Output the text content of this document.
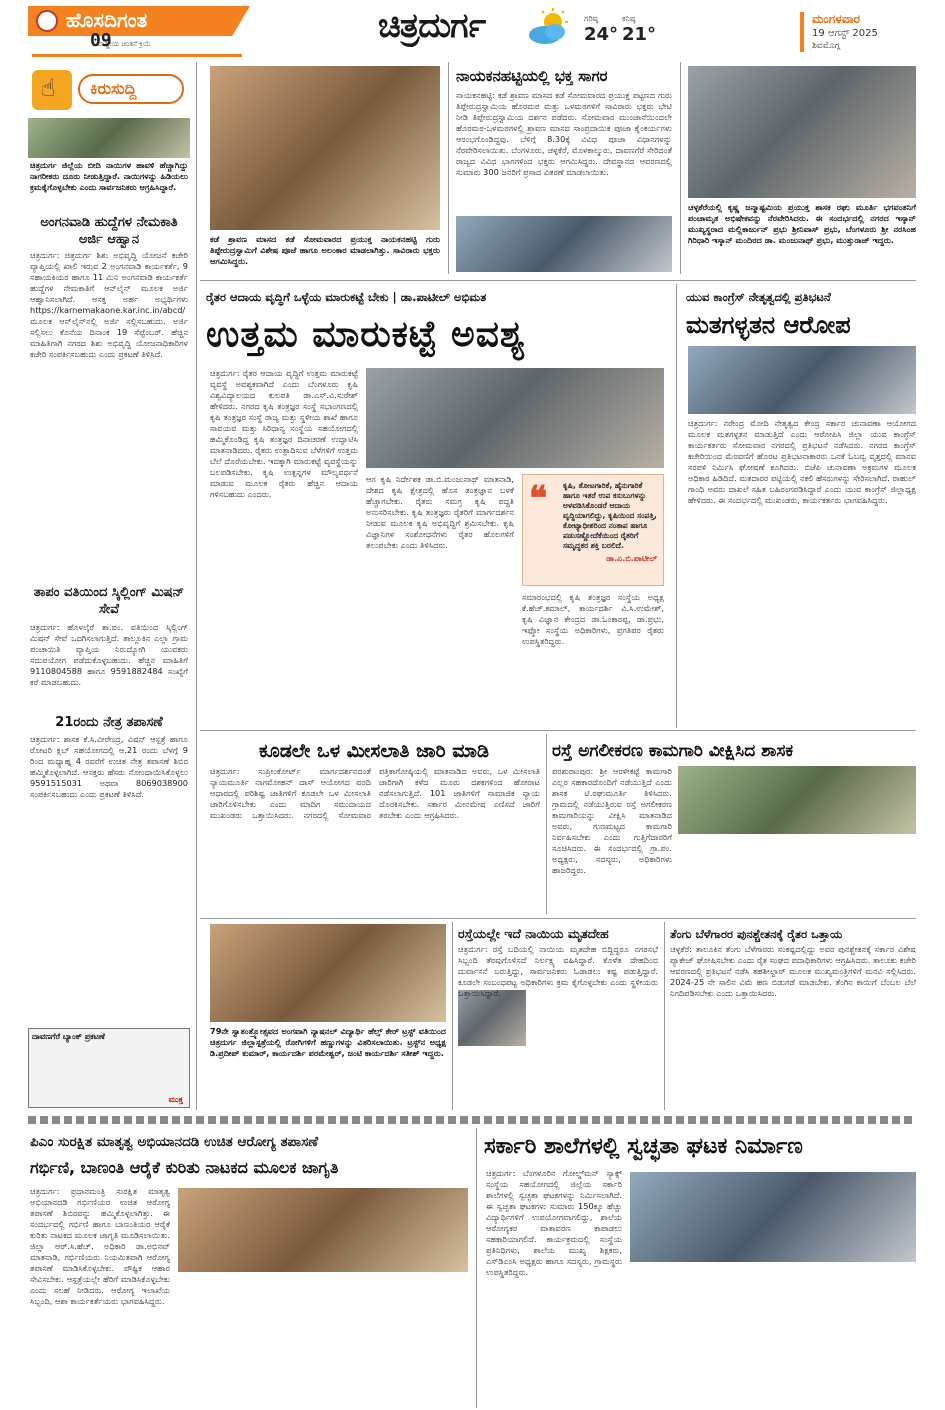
ಹೊಸದಿಗಂತ
ರಾಷ್ಟ್ರೀಯ ಚಿಂತನೆ ಕ್ರಿಯೆ
09	ಚಿತ್ರದುರ್ಗ	ಗರಿಷ್ಠ
24°
ಕನಿಷ್ಠ
21°
ಮಂಗಳವಾರ
19 ಆಗಸ್ಟ್ 2025
ಶಿವಮೊಗ್ಗ
☝
ಕಿರುಸುದ್ದಿ
ಚಿತ್ರದುರ್ಗ ಜಿಲ್ಲೆಯ ಬೀದಿ ನಾಯಿಗಳ ಹಾವಳಿ ಹೆಚ್ಚಾಗಿದ್ದು ನಾಗರೀಕರು ದೂರು ನೀಡುತ್ತಿದ್ದಾರೆ. ನಾಯಿಗಳನ್ನು ಹಿಡಿಯಲು ಕ್ರಮಕೈಗೊಳ್ಳಬೇಕು ಎಂದು ಸಾರ್ವಜನಿಕರು ಆಗ್ರಹಿಸಿದ್ದಾರೆ.
ಅಂಗನವಾಡಿ ಹುದ್ದೆಗಳ ನೇಮಕಾತಿ ಅರ್ಜಿ ಆಹ್ವಾನ
ಚಿತ್ರದುರ್ಗ: ಚಿತ್ರದುರ್ಗ ಶಿಶು ಅಭಿವೃದ್ಧಿ ಯೋಜನೆ ಕಚೇರಿ ವ್ಯಾಪ್ತಿಯಲ್ಲಿ ಖಾಲಿ ಇರುವ 2 ಅಂಗನವಾಡಿ ಕಾರ್ಯಕರ್ತೆ, 9 ಸಹಾಯಕಿಯರ ಹಾಗೂ 11 ಮಿನಿ ಅಂಗನವಾಡಿ ಕಾರ್ಯಕರ್ತೆ ಹುದ್ದೆಗಳ ನೇಮಕಾತಿಗೆ ಆನ್‌ಲೈನ್ ಮೂಲಕ ಅರ್ಜಿ ಆಹ್ವಾನಿಸಲಾಗಿದೆ. ಆಸಕ್ತ ಅರ್ಹ ಅಭ್ಯರ್ಥಿಗಳು https://karnemakaone.kar.inc.in/abcd/ ಮೂಲಕ ಆನ್‌ಲೈನ್‌ನಲ್ಲಿ ಅರ್ಜಿ ಸಲ್ಲಿಸಬಹುದು. ಅರ್ಜಿ ಸಲ್ಲಿಸಲು ಕೊನೆಯ ದಿನಾಂಕ 19 ಸೆಪ್ಟೆಂಬರ್. ಹೆಚ್ಚಿನ ಮಾಹಿತಿಗಾಗಿ ನಗರದ ಶಿಶು ಅಭಿವೃದ್ಧಿ ಯೋಜನಾಧಿಕಾರಿಗಳ ಕಚೇರಿ ಸಂಪರ್ಕಿಸಬಹುದು ಎಂದು ಪ್ರಕಟಣೆ ತಿಳಿಸಿದೆ.
ತಾಪಂ ವತಿಯಿಂದ ಸ್ಕಿಲ್ಲಿಂಗ್ ಮಿಷನ್ ಸೇವೆ
ಚಿತ್ರದುರ್ಗ: ಹೊಳಲ್ಕೆರೆ ತಾ.ಪಂ. ವತಿಯಿಂದ ಸ್ಕಿಲ್ಲಿಂಗ್ ಮಿಷನ್ ಸೇವೆ ಒದಗಿಸಲಾಗುತ್ತಿದೆ. ತಾಲ್ಲೂಕಿನ ಎಲ್ಲಾ ಗ್ರಾಮ ಪಂಚಾಯಿತಿ ವ್ಯಾಪ್ತಿಯ ನಿರುದ್ಯೋಗಿ ಯುವಕರು ಸದುಪಯೋಗ ಪಡೆದುಕೊಳ್ಳಬಹುದು. ಹೆಚ್ಚಿನ ಮಾಹಿತಿಗೆ 9110804588 ಹಾಗೂ 9591882484 ಸಂಖ್ಯೆಗೆ ಕರೆ ಮಾಡಬಹುದು.
21ರಂದು ನೇತ್ರ ತಪಾಸಣೆ
ಚಿತ್ರದುರ್ಗ: ಶಾಸಕ ಕೆ.ಸಿ.ವೀರೇಂದ್ರ, ವಿಷನ್ ಆಸ್ಪತ್ರೆ ಹಾಗೂ ರೋಟರಿ ಕ್ಲಬ್ ಸಹಯೋಗದಲ್ಲಿ ಆ.21 ರಂದು ಬೆಳಗ್ಗೆ 9 ರಿಂದ ಮಧ್ಯಾಹ್ನ 4 ರವರೆಗೆ ಉಚಿತ ನೇತ್ರ ತಪಾಸಣೆ ಶಿಬಿರ ಹಮ್ಮಿಕೊಳ್ಳಲಾಗಿದೆ. ಆಸಕ್ತರು ಹೆಸರು ನೋಂದಾಯಿಸಿಕೊಳ್ಳಲು 9591515031 ಅಥವಾ 8069038900 ಸಂಪರ್ಕಿಸಬಹುದು ಎಂದು ಪ್ರಕಟಣೆ ತಿಳಿಸಿದೆ.
ದಾವಣಗೆರೆ ಬ್ಯಾಂಕ್ ಪ್ರಕಟಣೆ
ಮುಕ್ತ
ಕಡೆ ಶ್ರಾವಣ ಮಾಸದ ಕಡೆ ಸೋಮವಾರದ ಪ್ರಯುಕ್ತ ನಾಯಕನಹಟ್ಟಿ ಗುರು ತಿಪ್ಪೇರುದ್ರಸ್ವಾಮಿಗೆ ವಿಶೇಷ ಪೂಜೆ ಹಾಗೂ ಅಲಂಕಾರ ಮಾಡಲಾಗಿತ್ತು. ಸಾವಿರಾರು ಭಕ್ತರು ಆಗಮಿಸಿದ್ದರು.
ನಾಯಕನಹಟ್ಟಿಯಲ್ಲಿ ಭಕ್ತ ಸಾಗರ
ನಾಯಕನಹಟ್ಟಿ: ಕಡೆ ಶ್ರಾವಣ ಮಾಸದ ಕಡೆ ಸೋಮವಾರದ ಪ್ರಯುಕ್ತ ಪಟ್ಟಣದ ಗುರು ತಿಪ್ಪೇರುದ್ರಸ್ವಾಮಿಯ ಹೊರಮಠ ಮತ್ತು ಒಳಮಠಗಳಿಗೆ ಸಾವಿರಾರು ಭಕ್ತರು ಭೇಟಿ ನೀಡಿ ತಿಪ್ಪೇರುದ್ರಸ್ವಾಮಿಯ ದರ್ಶನ ಪಡೆದರು. ಸೋಮವಾರ ಮುಂಜಾನೆಯಿಂದಲೇ ಹೊರಮಠ-ಒಳಮಠಗಳಲ್ಲಿ ಶ್ರಾವಣ ಮಾಸದ ಸಾಂಪ್ರದಾಯಿಕ ಪೂಜಾ ಕೈಂಕರ್ಯಗಳು ಆರಂಭಗೊಂಡಿದ್ದವು. ಬೆಳಿಗ್ಗೆ 8.30ಕ್ಕೆ ವಿವಿಧ ಪೂಜಾ ವಿಧಾನಗಳನ್ನು ನೆರವೇರಿಸಲಾಯಿತು. ಬೆಂಗಳೂರು, ಚಳ್ಳಕೆರೆ, ಮೊಳಕಾಲ್ಮುರು, ದಾವಣಗೆರೆ ಸೇರಿದಂತೆ ರಾಜ್ಯದ ವಿವಿಧ ಭಾಗಗಳಿಂದ ಭಕ್ತರು ಆಗಮಿಸಿದ್ದರು. ದೇವಸ್ಥಾನದ ಆವರಣದಲ್ಲಿ ಸುಮಾರು 300 ಜನರಿಗೆ ಪ್ರಸಾದ ವಿತರಣೆ ಮಾಡಲಾಯಿತು.
ಚಳ್ಳಕೆರೆಯಲ್ಲಿ ಕೃಷ್ಣ ಜನ್ಮಾಷ್ಟಮಿಯ ಪ್ರಯುಕ್ತ ಶಾಸಕ ರಘು ಮೂರ್ತಿ ಭಗವಂತನಿಗೆ ಪಂಚಾಮೃತ ಅಭಿಷೇಕವನ್ನು ನೆರವೇರಿಸಿದರು. ಈ ಸಂದರ್ಭದಲ್ಲಿ ನಗರದ ಇಸ್ಕಾನ್ ಮುಖ್ಯಸ್ಥರಾದ ಮಲ್ಲಿಕಾರ್ಜುನ್ ಪ್ರಭು ಶ್ರೀನಿವಾಸ್ ಪ್ರಭು, ಬೆಂಗಳೂರು ಶ್ರೀ ನರಸಿಂಹ ಗಿರಿಧಾರಿ ಇಸ್ಕಾನ್ ಮಂದಿರದ ಡಾ. ಮಂಜುನಾಥ್ ಪ್ರಭು, ಮುತ್ತುರಾಜ್ ಇದ್ದರು.
ರೈತರ ಆದಾಯ ವೃದ್ಧಿಗೆ ಒಳ್ಳೆಯ ಮಾರುಕಟ್ಟೆ ಬೇಕು | ಡಾ.ಪಾಟೀಲ್ ಅಭಿಮತ
ಉತ್ತಮ ಮಾರುಕಟ್ಟೆ ಅವಶ್ಯ
ಚಿತ್ರದುರ್ಗ: ರೈತರ ಆದಾಯ ವೃದ್ಧಿಗೆ ಉತ್ತಮ ಮಾರುಕಟ್ಟೆ ವ್ಯವಸ್ಥೆ ಅವಶ್ಯಕವಾಗಿದೆ ಎಂದು ಬೆಂಗಳೂರು ಕೃಷಿ ವಿಶ್ವವಿದ್ಯಾಲಯದ ಕುಲಪತಿ ಡಾ.ಎಸ್.ವಿ.ಸುರೇಶ್ ಹೇಳಿದರು. ನಗರದ ಕೃಷಿ ತಂತ್ರಜ್ಞರ ಸಂಸ್ಥೆ ಸಭಾಂಗಣದಲ್ಲಿ ಕೃಷಿ ತಂತ್ರಜ್ಞರ ಸಂಸ್ಥೆ ರಾಜ್ಯ ಮತ್ತು ಸ್ಥಳೀಯ ಶಾಖೆ ಹಾಗೂ ಸಾವಯವ ಮತ್ತು ಸಿರಿಧಾನ್ಯ ಸಂಸ್ಥೆಯ ಸಹಯೋಗದಲ್ಲಿ ಹಮ್ಮಿಕೊಂಡಿದ್ದ ಕೃಷಿ ತಂತ್ರಜ್ಞರ ದಿನಾಚರಣೆ ಉದ್ಘಾಟಿಸಿ ಮಾತನಾಡಿದರು. ರೈತರು ಉತ್ಪಾದಿಸುವ ಬೆಳೆಗಳಿಗೆ ಉತ್ತಮ ಬೆಲೆ ದೊರೆಯಬೇಕು. ಇದಕ್ಕಾಗಿ ಮಾರುಕಟ್ಟೆ ವ್ಯವಸ್ಥೆಯನ್ನು ಬಲಪಡಿಸಬೇಕು. ಕೃಷಿ ಉತ್ಪನ್ನಗಳ ಮೌಲ್ಯವರ್ಧನೆ ಮಾಡುವ ಮೂಲಕ ರೈತರು ಹೆಚ್ಚಿನ ಆದಾಯ ಗಳಿಸಬಹುದು ಎಂದರು.
ಆಗ ಕೃಷಿ ನಿರ್ದೇಶಕ ಡಾ.ಬಿ.ಮಂಜುನಾಥ್ ಮಾತನಾಡಿ, ದೇಶದ ಕೃಷಿ ಕ್ಷೇತ್ರದಲ್ಲಿ ಹೊಸ ತಂತ್ರಜ್ಞಾನ ಬಳಕೆ ಹೆಚ್ಚಾಗಬೇಕು. ರೈತರು ಸಮಗ್ರ ಕೃಷಿ ಪದ್ಧತಿ ಅನುಸರಿಸಬೇಕು. ಕೃಷಿ ತಂತ್ರಜ್ಞರು ರೈತರಿಗೆ ಮಾರ್ಗದರ್ಶನ ನೀಡುವ ಮೂಲಕ ಕೃಷಿ ಅಭಿವೃದ್ಧಿಗೆ ಶ್ರಮಿಸಬೇಕು. ಕೃಷಿ ವಿಜ್ಞಾನಿಗಳ ಸಂಶೋಧನೆಗಳು ರೈತರ ಹೊಲಗಳಿಗೆ ತಲುಪಬೇಕು ಎಂದು ತಿಳಿಸಿದರು.
❝ ಕೃಷಿ, ತೋಟಗಾರಿಕೆ, ಹೈನುಗಾರಿಕೆ ಹಾಗೂ ಇತರೆ ಉಪ ಕಸುಬುಗಳನ್ನು ಅಳವಡಿಸಿಕೊಂಡರೆ ಆದಾಯ ವೃದ್ಧಿಯಾಗಲಿದ್ದು, ಕೃಷಿಯಿಂದ ಸಂಪತ್ತಿ, ಕೋಟ್ಯಾಧೀಶರಿಂದ ನಂತಾಪ ಹಾಗೂ ಪಡುಸಣ್ಣೋದೆಕೆಯಿಂದ ರೈತರಿಗೆ ಸಮೃದ್ಧಕರ ಶಕ್ತಿ ಬರಲಿದೆ.
ಡಾ.ಎ.ಬಿ.ಪಾಟೀಲ್
ಸಮಾರಂಭದಲ್ಲಿ ಕೃಷಿ ತಂತ್ರಜ್ಞರ ಸಂಸ್ಥೆಯ ಅಧ್ಯಕ್ಷ ಕೆ.ಹೆಚ್.ಕಮಾಲ್, ಕಾರ್ಯದರ್ಶಿ ವಿ.ಸಿ.ಉಮೇಶ್, ಕೃಷಿ ವಿಜ್ಞಾನ ಕೇಂದ್ರದ ಡಾ.ಓಂಕಾರಪ್ಪ, ಡಾ.ಪ್ರಭು, ಇಫ್ಕೋ ಸಂಸ್ಥೆಯ ಅಧಿಕಾರಿಗಳು, ಪ್ರಗತಿಪರ ರೈತರು ಉಪಸ್ಥಿತರಿದ್ದರು.
ಯುವ ಕಾಂಗ್ರೆಸ್ ನೇತೃತ್ವದಲ್ಲಿ ಪ್ರತಿಭಟನೆ
ಮತಗಳ್ಳತನ ಆರೋಪ
ಚಿತ್ರದುರ್ಗ: ನರೇಂದ್ರ ಮೋದಿ ನೇತೃತ್ವದ ಕೇಂದ್ರ ಸರ್ಕಾರ ಚುನಾವಣಾ ಆಯೋಗದ ಮೂಲಕ ಮತಗಳ್ಳತನ ಮಾಡುತ್ತಿದೆ ಎಂದು ಆರೋಪಿಸಿ ಜಿಲ್ಲಾ ಯುವ ಕಾಂಗ್ರೆಸ್ ಕಾರ್ಯಕರ್ತರು ಸೋಮವಾರ ನಗರದಲ್ಲಿ ಪ್ರತಿಭಟನೆ ನಡೆಸಿದರು. ನಗರದ ಕಾಂಗ್ರೆಸ್ ಕಚೇರಿಯಿಂದ ಮೆರವಣಿಗೆ ಹೊರಟ ಪ್ರತಿಭಟನಾಕಾರರು ಒನಕೆ ಓಬವ್ವ ವೃತ್ತದಲ್ಲಿ ಮಾನವ ಸರಪಳಿ ನಿರ್ಮಿಸಿ ಘೋಷಣೆ ಕೂಗಿದರು. ಬಿಜೆಪಿ ಚುನಾವಣಾ ಅಕ್ರಮಗಳ ಮೂಲಕ ಅಧಿಕಾರ ಹಿಡಿದಿದೆ. ಮತದಾರರ ಪಟ್ಟಿಯಲ್ಲಿ ನಕಲಿ ಹೆಸರುಗಳನ್ನು ಸೇರಿಸಲಾಗಿದೆ. ರಾಹುಲ್ ಗಾಂಧಿ ಅವರು ದಾಖಲೆ ಸಹಿತ ಬಹಿರಂಗಪಡಿಸಿದ್ದಾರೆ ಎಂದು ಯುವ ಕಾಂಗ್ರೆಸ್ ಜಿಲ್ಲಾಧ್ಯಕ್ಷ ಹೇಳಿದರು. ಈ ಸಂದರ್ಭದಲ್ಲಿ ಮುಖಂಡರು, ಕಾರ್ಯಕರ್ತರು ಭಾಗವಹಿಸಿದ್ದರು.
ಕೂಡಲೇ ಒಳ ಮೀಸಲಾತಿ ಜಾರಿ ಮಾಡಿ
ಚಿತ್ರದುರ್ಗ: ಸುಪ್ರೀಂಕೋರ್ಟ್ ಮಾರ್ಗದರ್ಶನದಂತೆ ನ್ಯಾಯಮೂರ್ತಿ ನಾಗಮೋಹನ್ ದಾಸ್ ಆಯೋಗದ ವರದಿ ಆಧಾರದಲ್ಲಿ ಪರಿಶಿಷ್ಟ ಜಾತಿಗಳಿಗೆ ಕೂಡಲೇ ಒಳ ಮೀಸಲಾತಿ ಜಾರಿಗೊಳಿಸಬೇಕು ಎಂದು ಮಾದಿಗ ಸಮುದಾಯದ ಮುಖಂಡರು ಒತ್ತಾಯಿಸಿದರು. ನಗರದಲ್ಲಿ ಸೋಮವಾರ ಪತ್ರಿಕಾಗೋಷ್ಠಿಯಲ್ಲಿ ಮಾತನಾಡಿದ ಅವರು, ಒಳ ಮೀಸಲಾತಿ ಜಾರಿಗಾಗಿ ಕಳೆದ ಮೂರು ದಶಕಗಳಿಂದ ಹೋರಾಟ ನಡೆಸಲಾಗುತ್ತಿದೆ. 101 ಜಾತಿಗಳಿಗೆ ಸಾಮಾಜಿಕ ನ್ಯಾಯ ದೊರಕಿಸಬೇಕು. ಸರ್ಕಾರ ಮೀನಮೇಷ ಎಣಿಸದೆ ಜಾರಿಗೆ ತರಬೇಕು ಎಂದು ಆಗ್ರಹಿಸಿದರು.
ರಸ್ತೆ ಅಗಲೀಕರಣ ಕಾಮಗಾರಿ ವೀಕ್ಷಿಸಿದ ಶಾಸಕ
ಪರಶುರಾಂಪುರ: ಶ್ರೀ ಆರಳೀಕಟ್ಟೆ ಕಾಮಗಾರಿ ಎಲ್ಲರ ಸಹಕಾರದೊಂದಿಗೆ ನಡೆಯುತ್ತಿದೆ ಎಂದು ಶಾಸಕ ಟಿ.ರಘುಮೂರ್ತಿ ತಿಳಿಸಿದರು. ಗ್ರಾಮದಲ್ಲಿ ನಡೆಯುತ್ತಿರುವ ರಸ್ತೆ ಅಗಲೀಕರಣ ಕಾಮಗಾರಿಯನ್ನು ವೀಕ್ಷಿಸಿ ಮಾತನಾಡಿದ ಅವರು, ಗುಣಮಟ್ಟದ ಕಾಮಗಾರಿ ನಿರ್ವಹಿಸಬೇಕು ಎಂದು ಗುತ್ತಿಗೆದಾರರಿಗೆ ಸೂಚಿಸಿದರು. ಈ ಸಂದರ್ಭದಲ್ಲಿ ಗ್ರಾ.ಪಂ. ಅಧ್ಯಕ್ಷರು, ಸದಸ್ಯರು, ಅಧಿಕಾರಿಗಳು ಹಾಜರಿದ್ದರು.
79ನೇ ಸ್ವಾತಂತ್ರ್ಯೋತ್ಸವದ ಅಂಗವಾಗಿ ನ್ಯಾಷನಲ್ ವಿದ್ಯಾರ್ಥಿ ಹೆಲ್ತ್ ಕೇರ್ ಟ್ರಸ್ಟ್ ವತಿಯಿಂದ ಚಿತ್ರದುರ್ಗ ಜಿಲ್ಲಾಸ್ಪತ್ರೆಯಲ್ಲಿ ರೋಗಿಗಳಿಗೆ ಹಣ್ಣುಗಳನ್ನು ವಿತರಿಸಲಾಯಿತು. ಟ್ರಸ್ಟ್‌ನ ಅಧ್ಯಕ್ಷ ಡಿ.ಪ್ರದೀಪ್ ಕುಮಾರ್, ಕಾರ್ಯದರ್ಶಿ ಪರಮೇಶ್ವರ್, ಜಂಟಿ ಕಾರ್ಯದರ್ಶಿ ಸತೀಶ್ ಇದ್ದರು.
ರಸ್ತೆಯಲ್ಲೇ ಇದೆ ನಾಯಿಯ ಮೃತದೇಹ
ಚಿತ್ರದುರ್ಗ: ರಸ್ತೆ ಬದಿಯಲ್ಲಿ ನಾಯಿಯ ಮೃತದೇಹ ಬಿದ್ದಿದ್ದರೂ ನಗರಸಭೆ ಸಿಬ್ಬಂದಿ ತೆರವುಗೊಳಿಸದೆ ನಿರ್ಲಕ್ಷ್ಯ ವಹಿಸಿದ್ದಾರೆ. ಕೊಳೆತ ದೇಹದಿಂದ ದುರ್ವಾಸನೆ ಬರುತ್ತಿದ್ದು, ಸಾರ್ವಜನಿಕರು ಓಡಾಡಲು ಕಷ್ಟ ಪಡುತ್ತಿದ್ದಾರೆ. ಕೂಡಲೇ ಸಂಬಂಧಪಟ್ಟ ಅಧಿಕಾರಿಗಳು ಕ್ರಮ ಕೈಗೊಳ್ಳಬೇಕು ಎಂದು ಸ್ಥಳೀಯರು ಒತ್ತಾಯಿಸಿದ್ದಾರೆ.
ತೆಂಗು ಬೆಳೆಗಾರರ ಪುನಶ್ಚೇತನಕ್ಕೆ ರೈತರ ಒತ್ತಾಯ
ಚಳ್ಳಕೆರೆ: ತಾಲೂಕಿನ ತೆಂಗು ಬೆಳೆಗಾರರು ಸಂಕಷ್ಟದಲ್ಲಿದ್ದು ಅವರ ಪುನಶ್ಚೇತನಕ್ಕೆ ಸರ್ಕಾರ ವಿಶೇಷ ಪ್ಯಾಕೇಜ್ ಘೋಷಿಸಬೇಕು ಎಂದು ರೈತ ಸಂಘದ ಪದಾಧಿಕಾರಿಗಳು ಆಗ್ರಹಿಸಿದರು. ತಾಲೂಕು ಕಚೇರಿ ಆವರಣದಲ್ಲಿ ಪ್ರತಿಭಟನೆ ನಡೆಸಿ ತಹಶೀಲ್ದಾರ್ ಮೂಲಕ ಮುಖ್ಯಮಂತ್ರಿಗಳಿಗೆ ಮನವಿ ಸಲ್ಲಿಸಿದರು. 2024-25 ನೇ ಸಾಲಿನ ವಿಮೆ ಹಣ ಬಿಡುಗಡೆ ಮಾಡಬೇಕು. ತೆಂಗಿನ ಕಾಯಿಗೆ ಬೆಂಬಲ ಬೆಲೆ ನಿಗದಿಪಡಿಸಬೇಕು ಎಂದು ಒತ್ತಾಯಿಸಿದರು.
ಪಿಎಂ ಸುರಕ್ಷಿತ ಮಾತೃತ್ವ ಅಭಿಯಾನದಡಿ ಉಚಿತ ಆರೋಗ್ಯ ತಪಾಸಣೆ
ಗರ್ಭಿಣಿ, ಬಾಣಂತಿ ಆರೈಕೆ ಕುರಿತು ನಾಟಕದ ಮೂಲಕ ಜಾಗೃತಿ
ಚಿತ್ರದುರ್ಗ: ಪ್ರಧಾನಮಂತ್ರಿ ಸುರಕ್ಷಿತ ಮಾತೃತ್ವ ಅಭಿಯಾನದಡಿ ಗರ್ಭಿಣಿಯರ ಉಚಿತ ಆರೋಗ್ಯ ತಪಾಸಣೆ ಶಿಬಿರವನ್ನು ಹಮ್ಮಿಕೊಳ್ಳಲಾಗಿತ್ತು. ಈ ಸಂದರ್ಭದಲ್ಲಿ ಗರ್ಭಿಣಿ ಹಾಗೂ ಬಾಣಂತಿಯರ ಆರೈಕೆ ಕುರಿತು ನಾಟಕದ ಮೂಲಕ ಜಾಗೃತಿ ಮೂಡಿಸಲಾಯಿತು. ಜಿಲ್ಲಾ ಆರ್.ಸಿ.ಹೆಚ್. ಅಧಿಕಾರಿ ಡಾ.ಅಭಿನವ್ ಮಾತನಾಡಿ, ಗರ್ಭಿಣಿಯರು ನಿಯಮಿತವಾಗಿ ಆರೋಗ್ಯ ತಪಾಸಣೆ ಮಾಡಿಸಿಕೊಳ್ಳಬೇಕು. ಪೌಷ್ಟಿಕ ಆಹಾರ ಸೇವಿಸಬೇಕು. ಆಸ್ಪತ್ರೆಯಲ್ಲೇ ಹೆರಿಗೆ ಮಾಡಿಸಿಕೊಳ್ಳಬೇಕು ಎಂದು ಸಲಹೆ ನೀಡಿದರು. ಆರೋಗ್ಯ ಇಲಾಖೆಯ ಸಿಬ್ಬಂದಿ, ಆಶಾ ಕಾರ್ಯಕರ್ತೆಯರು ಭಾಗವಹಿಸಿದ್ದರು.
ಸರ್ಕಾರಿ ಶಾಲೆಗಳಲ್ಲಿ ಸ್ವಚ್ಛತಾ ಘಟಕ ನಿರ್ಮಾಣ
ಚಿತ್ರದುರ್ಗ: ಬೆಂಗಳೂರಿನ ಗೋಲ್ಡ್‌ಮನ್ ಸ್ಯಾಕ್ಸ್ ಸಂಸ್ಥೆಯ ಸಹಯೋಗದಲ್ಲಿ ಜಿಲ್ಲೆಯ ಸರ್ಕಾರಿ ಶಾಲೆಗಳಲ್ಲಿ ಸ್ವಚ್ಛತಾ ಘಟಕಗಳನ್ನು ನಿರ್ಮಿಸಲಾಗಿದೆ. ಈ ಸ್ವಚ್ಛತಾ ಘಟಕಗಳು ಸುಮಾರು 150ಕ್ಕೂ ಹೆಚ್ಚು ವಿದ್ಯಾರ್ಥಿಗಳಿಗೆ ಉಪಯೋಗವಾಗಲಿದ್ದು, ಶಾಲೆಯ ಆರೋಗ್ಯಕರ ವಾತಾವರಣ ಕಾಪಾಡಲು ಸಹಕಾರಿಯಾಗಲಿದೆ. ಕಾರ್ಯಕ್ರಮದಲ್ಲಿ ಸಂಸ್ಥೆಯ ಪ್ರತಿನಿಧಿಗಳು, ಶಾಲೆಯ ಮುಖ್ಯ ಶಿಕ್ಷಕರು, ಎಸ್‌ಡಿಎಂಸಿ ಅಧ್ಯಕ್ಷರು ಹಾಗೂ ಸದಸ್ಯರು, ಗ್ರಾಮಸ್ಥರು ಉಪಸ್ಥಿತರಿದ್ದರು.
